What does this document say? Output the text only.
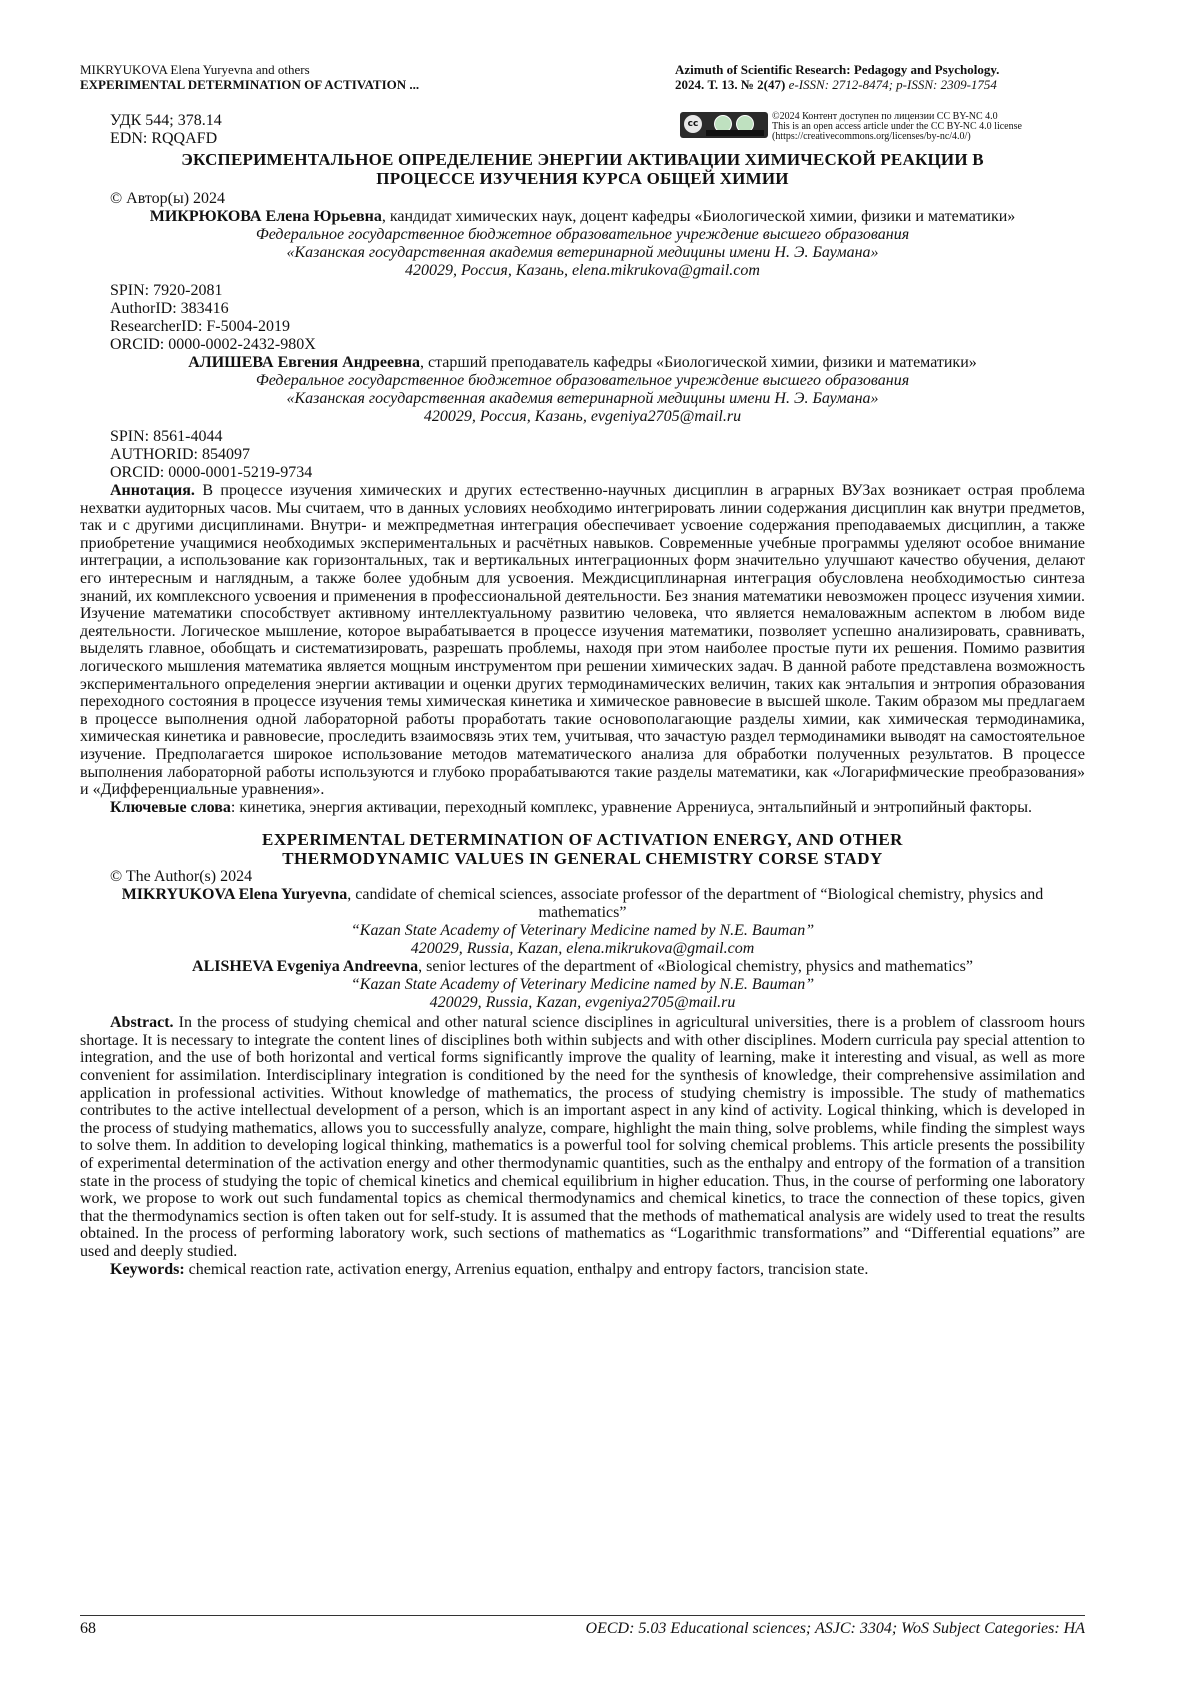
MIKRYUKOVA Elena Yuryevna and others
EXPERIMENTAL DETERMINATION OF ACTIVATION ...
Azimuth of Scientific Research: Pedagogy and Psychology.
2024. Т. 13. № 2(47) e-ISSN: 2712-8474; p-ISSN: 2309-1754
УДК 544; 378.14
EDN: RQQAFD
cc
©2024 Контент доступен по лицензии CC BY-NC 4.0
This is an open access article under the CC BY-NC 4.0 license
(https://creativecommons.org/licenses/by-nc/4.0/)
ЭКСПЕРИМЕНТАЛЬНОЕ ОПРЕДЕЛЕНИЕ ЭНЕРГИИ АКТИВАЦИИ ХИМИЧЕСКОЙ РЕАКЦИИ В
ПРОЦЕССЕ ИЗУЧЕНИЯ КУРСА ОБЩЕЙ ХИМИИ
© Автор(ы) 2024
МИКРЮКОВА Елена Юрьевна, кандидат химических наук, доцент кафедры «Биологической химии, физики и математики»
Федеральное государственное бюджетное образовательное учреждение высшего образования
«Казанская государственная академия ветеринарной медицины имени Н. Э. Баумана»
420029, Россия, Казань, elena.mikrukova@gmail.com
SPIN: 7920-2081
AuthorID: 383416
ResearcherID: F-5004-2019
ORCID: 0000-0002-2432-980X
АЛИШЕВА Евгения Андреевна, старший преподаватель кафедры «Биологической химии, физики и математики»
Федеральное государственное бюджетное образовательное учреждение высшего образования
«Казанская государственная академия ветеринарной медицины имени Н. Э. Баумана»
420029, Россия, Казань, evgeniya2705@mail.ru
SPIN: 8561-4044
AUTHORID: 854097
ORCID: 0000-0001-5219-9734

Аннотация. В процессе изучения химических и других естественно-научных дисциплин в аграрных ВУЗах возникает острая проблема нехватки аудиторных часов. Мы считаем, что в данных условиях необходимо интегрировать линии содержания дисциплин как внутри предметов, так и с другими дисциплинами. Внутри- и межпредметная интеграция обеспечивает усвоение содержания преподаваемых дисциплин, а также приобретение учащимися необходимых экспериментальных и расчётных навыков. Современные учебные программы уделяют особое внимание интеграции, а использование как горизонтальных, так и вертикальных интеграционных форм значительно улучшают качество обучения, делают его интересным и наглядным, а также более удобным для усвоения. Междисциплинарная интеграция обусловлена необходимостью синтеза знаний, их комплексного усвоения и применения в профессиональной деятельности. Без знания математики невозможен процесс изучения химии. Изучение математики способствует активному интеллектуальному развитию человека, что является немаловажным аспектом в любом виде деятельности. Логическое мышление, которое вырабатывается в процессе изучения математики, позволяет успешно анализировать, сравнивать, выделять главное, обобщать и систематизировать, разрешать проблемы, находя при этом наиболее простые пути их решения. Помимо развития логического мышления математика является мощным инструментом при решении химических задач. В данной работе представлена возможность экспериментального определения энергии активации и оценки других термодинамических величин, таких как энтальпия и энтропия образования переходного состояния в процессе изучения темы химическая кинетика и химическое равновесие в высшей школе. Таким образом мы предлагаем в процессе выполнения одной лабораторной работы проработать такие основополагающие разделы химии, как химическая термодинамика, химическая кинетика и равновесие, проследить взаимосвязь этих тем, учитывая, что зачастую раздел термодинамики выводят на самостоятельное изучение. Предполагается широкое использование методов математического анализа для обработки полученных результатов. В процессе выполнения лабораторной работы используются и глубоко прорабатываются такие разделы математики, как «Логарифмические преобразования» и «Дифференциальные уравнения».

Ключевые слова: кинетика, энергия активации, переходный комплекс, уравнение Аррениуса, энтальпийный и энтропийный факторы.

EXPERIMENTAL DETERMINATION OF ACTIVATION ENERGY, AND OTHER
THERMODYNAMIC VALUES IN GENERAL CHEMISTRY CORSE STADY
© The Author(s) 2024
MIKRYUKOVA Elena Yuryevna, candidate of chemical sciences, associate professor of the department of “Biological chemistry, physics and mathematics”
“Kazan State Academy of Veterinary Medicine named by N.E. Bauman”
420029, Russia, Kazan, elena.mikrukova@gmail.com
ALISHEVA Evgeniya Andreevna, senior lectures of the department of «Biological chemistry, physics and mathematics”
“Kazan State Academy of Veterinary Medicine named by N.E. Bauman”
420029, Russia, Kazan, evgeniya2705@mail.ru

Abstract. In the process of studying chemical and other natural science disciplines in agricultural universities, there is a problem of classroom hours shortage. It is necessary to integrate the content lines of disciplines both within subjects and with other disciplines. Modern curricula pay special attention to integration, and the use of both horizontal and vertical forms significantly improve the quality of learning, make it interesting and visual, as well as more convenient for assimilation. Interdisciplinary integration is conditioned by the need for the synthesis of knowledge, their comprehensive assimilation and application in professional activities. Without knowledge of mathematics, the process of studying chemistry is impossible. The study of mathematics contributes to the active intellectual development of a person, which is an important aspect in any kind of activity. Logical thinking, which is developed in the process of studying mathematics, allows you to successfully analyze, compare, highlight the main thing, solve problems, while finding the simplest ways to solve them. In addition to developing logical thinking, mathematics is a powerful tool for solving chemical problems. This article presents the possibility of experimental determination of the activation energy and other thermodynamic quantities, such as the enthalpy and entropy of the formation of a transition state in the process of studying the topic of chemical kinetics and chemical equilibrium in higher education. Thus, in the course of performing one laboratory work, we propose to work out such fundamental topics as chemical thermodynamics and chemical kinetics, to trace the connection of these topics, given that the thermodynamics section is often taken out for self-study. It is assumed that the methods of mathematical analysis are widely used to treat the results obtained. In the process of performing laboratory work, such sections of mathematics as “Logarithmic transformations” and “Differential equations” are used and deeply studied.

Keywords: chemical reaction rate, activation energy, Arrenius equation, enthalpy and entropy factors, trancision state.

68	OECD: 5.03 Educational sciences; ASJC: 3304; WoS Subject Categories: HA
